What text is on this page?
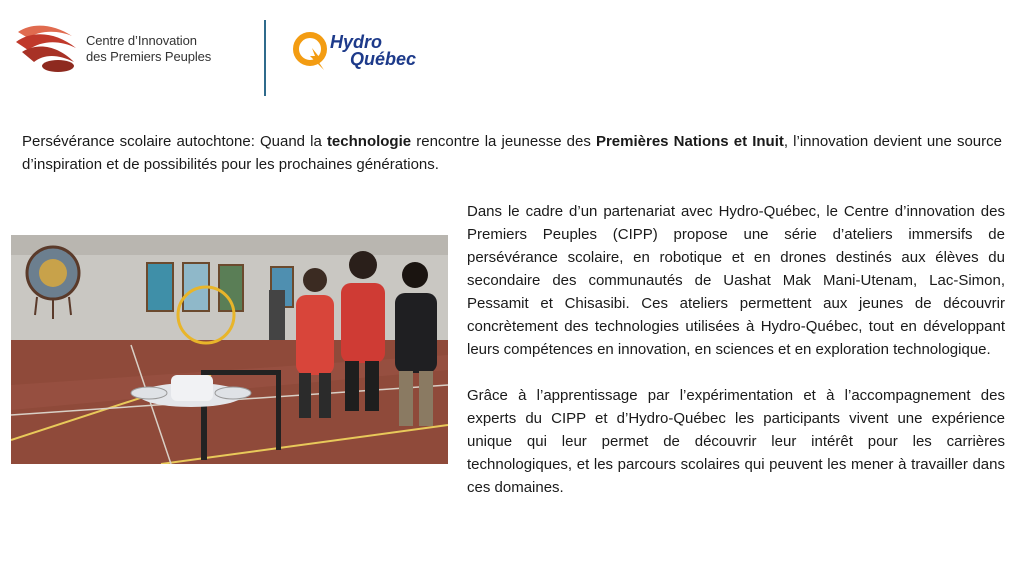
Centre d’Innovation
des Premiers Peuples
Hydro
Québec
Persévérance scolaire autochtone: Quand la technologie rencontre la jeunesse des Premières Nations et Inuit, l’innovation devient une source d’inspiration et de possibilités pour les prochaines générations.

Dans le cadre d’un partenariat avec Hydro-Québec, le Centre d’innovation des Premiers Peuples (CIPP) propose une série d’ateliers immersifs de persévérance scolaire, en robotique et en drones destinés aux élèves du secondaire des communautés de Uashat Mak Mani-Utenam, Lac-Simon, Pessamit et Chisasibi. Ces ateliers permettent aux jeunes de découvrir concrètement des technologies utilisées à Hydro-Québec, tout en développant leurs compétences en innovation, en sciences et en exploration technologique.

Grâce à l’apprentissage par l’expérimentation et à l’accompagnement des experts du CIPP et d’Hydro-Québec les participants vivent une expérience unique qui leur permet de découvrir leur intérêt pour les carrières technologiques, et les parcours scolaires qui peuvent les mener à travailler dans ces domaines.
